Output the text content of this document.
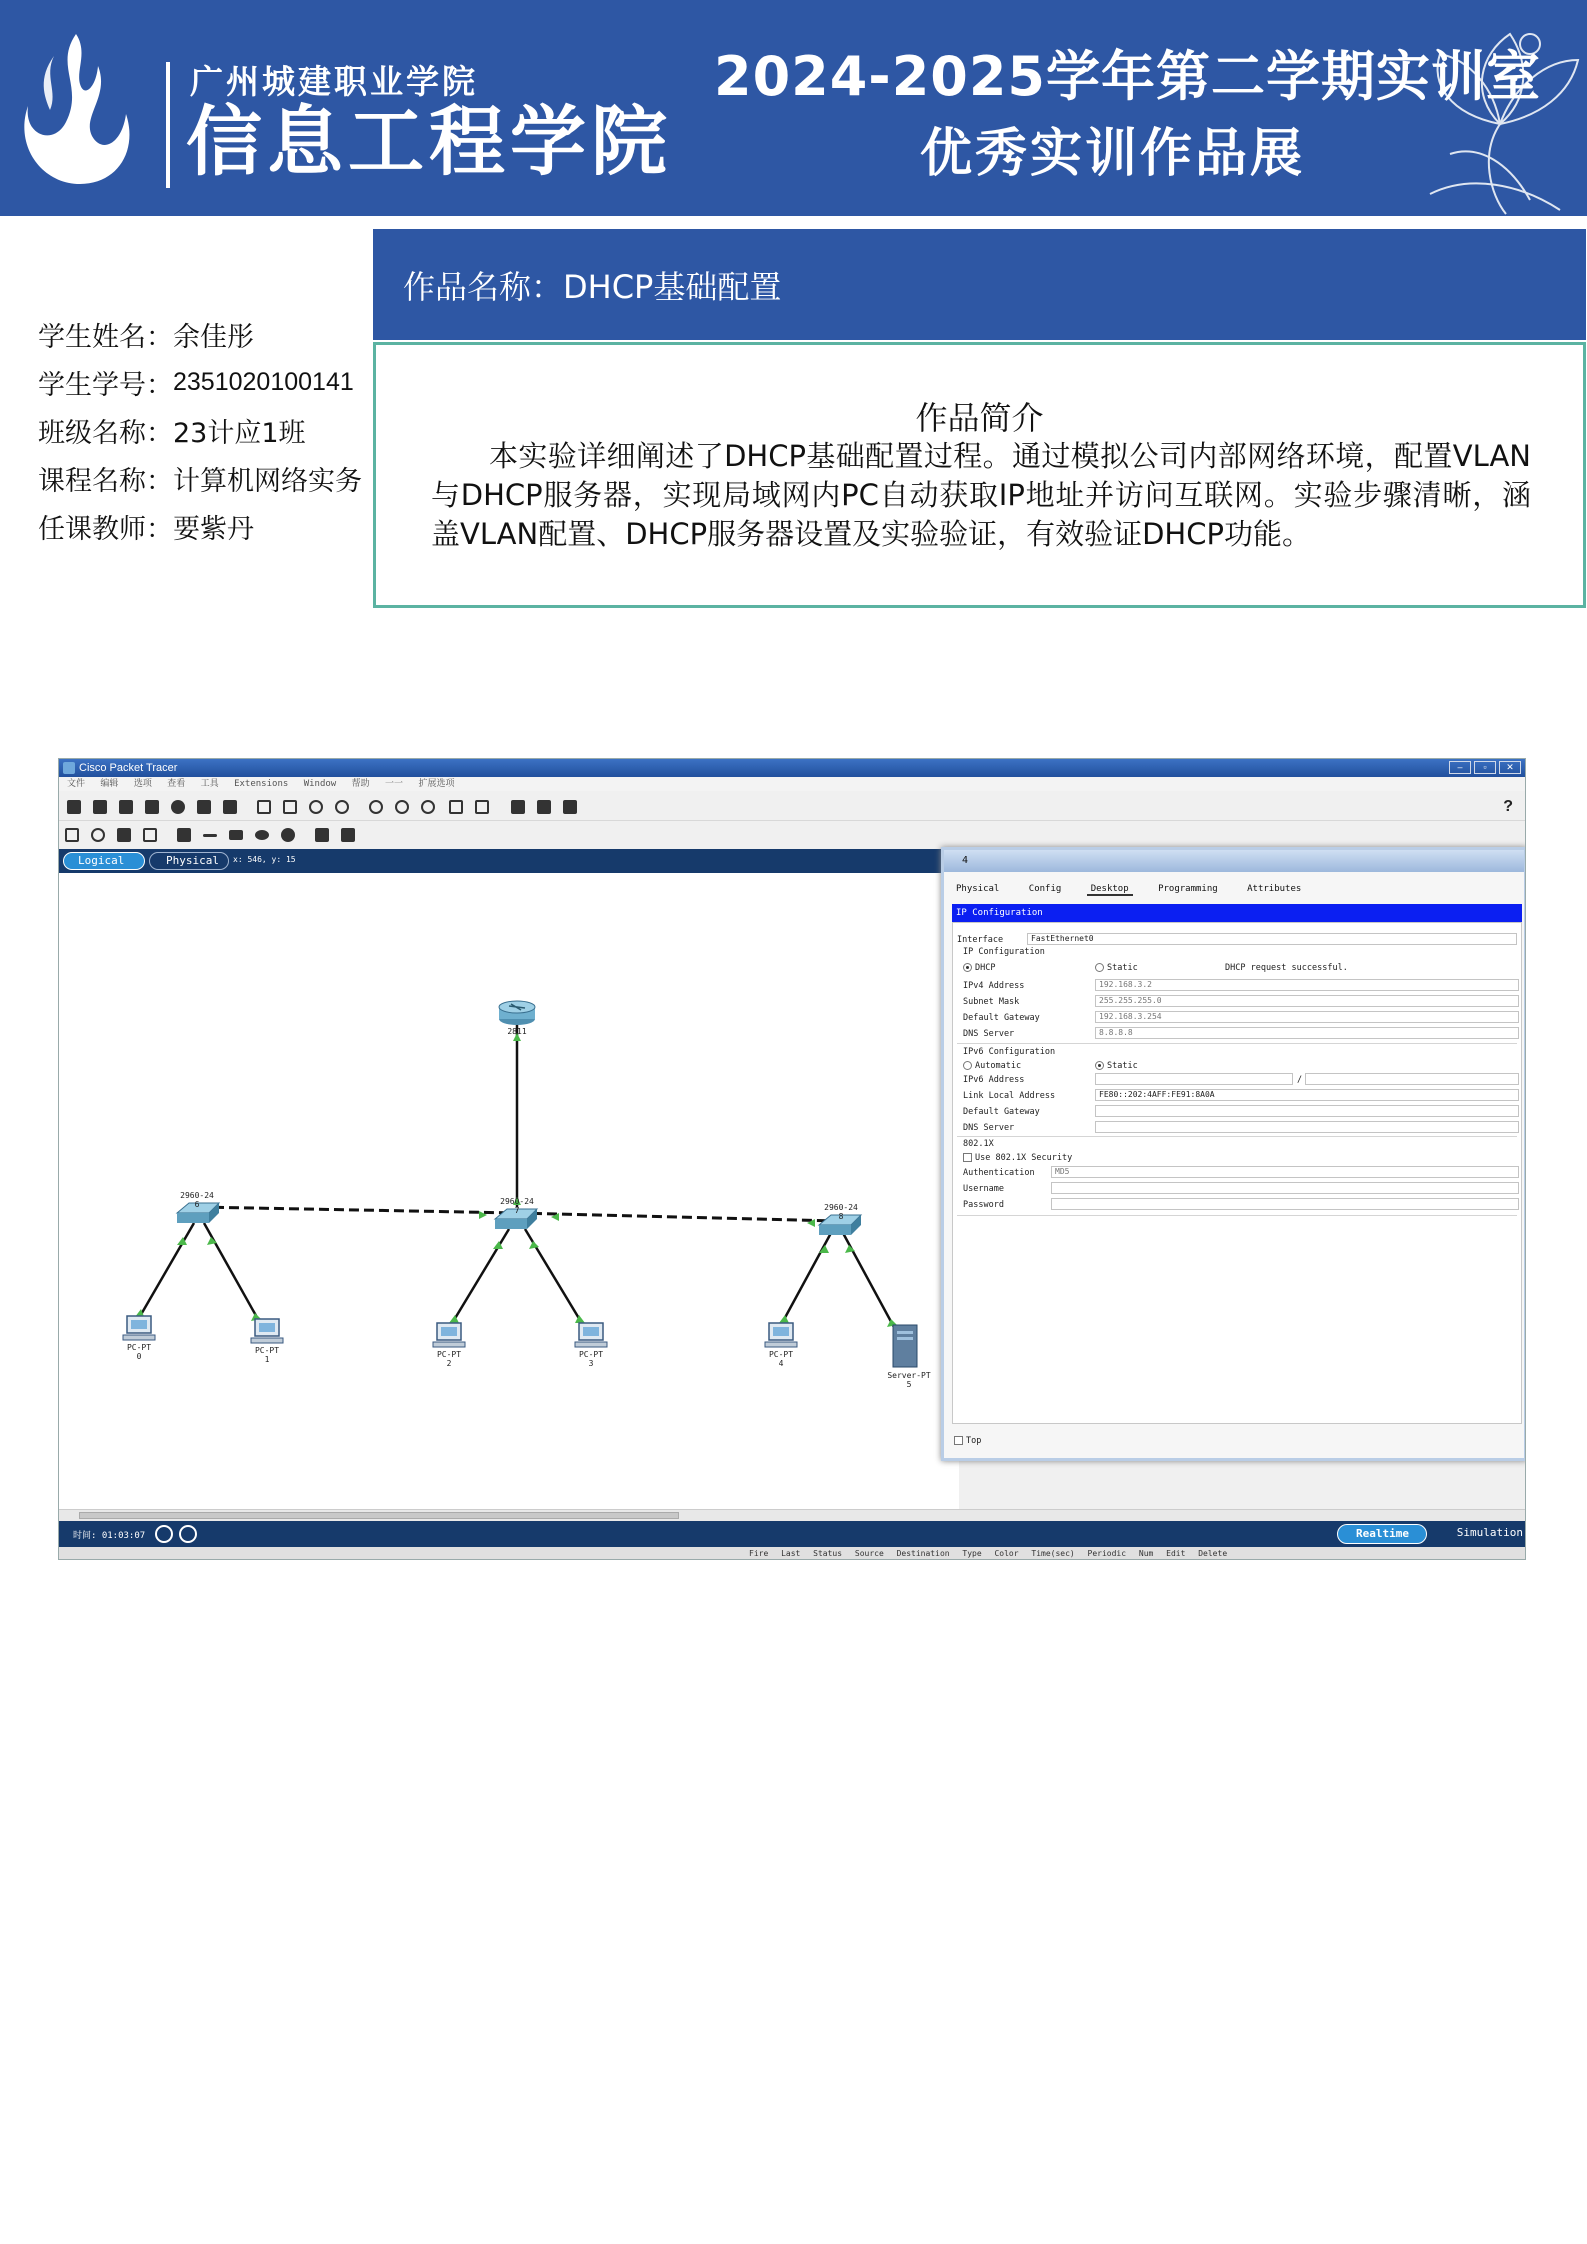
广州城建职业学院
信息工程学院
2024-2025学年第二学期实训室
优秀实训作品展
学生姓名： 余佳彤
学生学号： 2351020100141
班级名称： 23计应1班
课程名称： 计算机网络实务
任课教师： 要紫丹
作品名称：DHCP基础配置
作品简介
本实验详细阐述了DHCP基础配置过程。通过模拟公司内部网络环境，配置VLAN与DHCP服务器，实现局域网内PC自动获取IP地址并访问互联网。实验步骤清晰，涵盖VLAN配置、DHCP服务器设置及实验验证，有效验证DHCP功能。
Cisco Packet Tracer	–	▫	✕
文件 编辑 选项 查看 工具 Extensions Window 帮助 一一 扩展选项
?
Logical	Physical	x: 546, y: 15
2811
2960-24
6	2960-24
7	2960-24
8
PC-PT
0
PC-PT
1
PC-PT
2
PC-PT
3
PC-PT
4
Server-PT
5
4
Physical	Config	Desktop	Programming	Attributes
IP Configuration
Interface	FastEthernet0
IP Configuration
DHCP	Static	DHCP request successful.
IPv4 Address	192.168.3.2
Subnet Mask	255.255.255.0
Default Gateway	192.168.3.254
DNS Server	8.8.8.8
IPv6 Configuration
Automatic	Static
IPv6 Address	/
Link Local Address	FE80::202:4AFF:FE91:8A0A
Default Gateway
DNS Server
802.1X
Use 802.1X Security
Authentication	MD5
Username
Password
Top
时间: 01:03:07	Realtime	Simulation
Fire Last Status Source Destination Type Color Time(sec) Periodic Num Edit Delete
